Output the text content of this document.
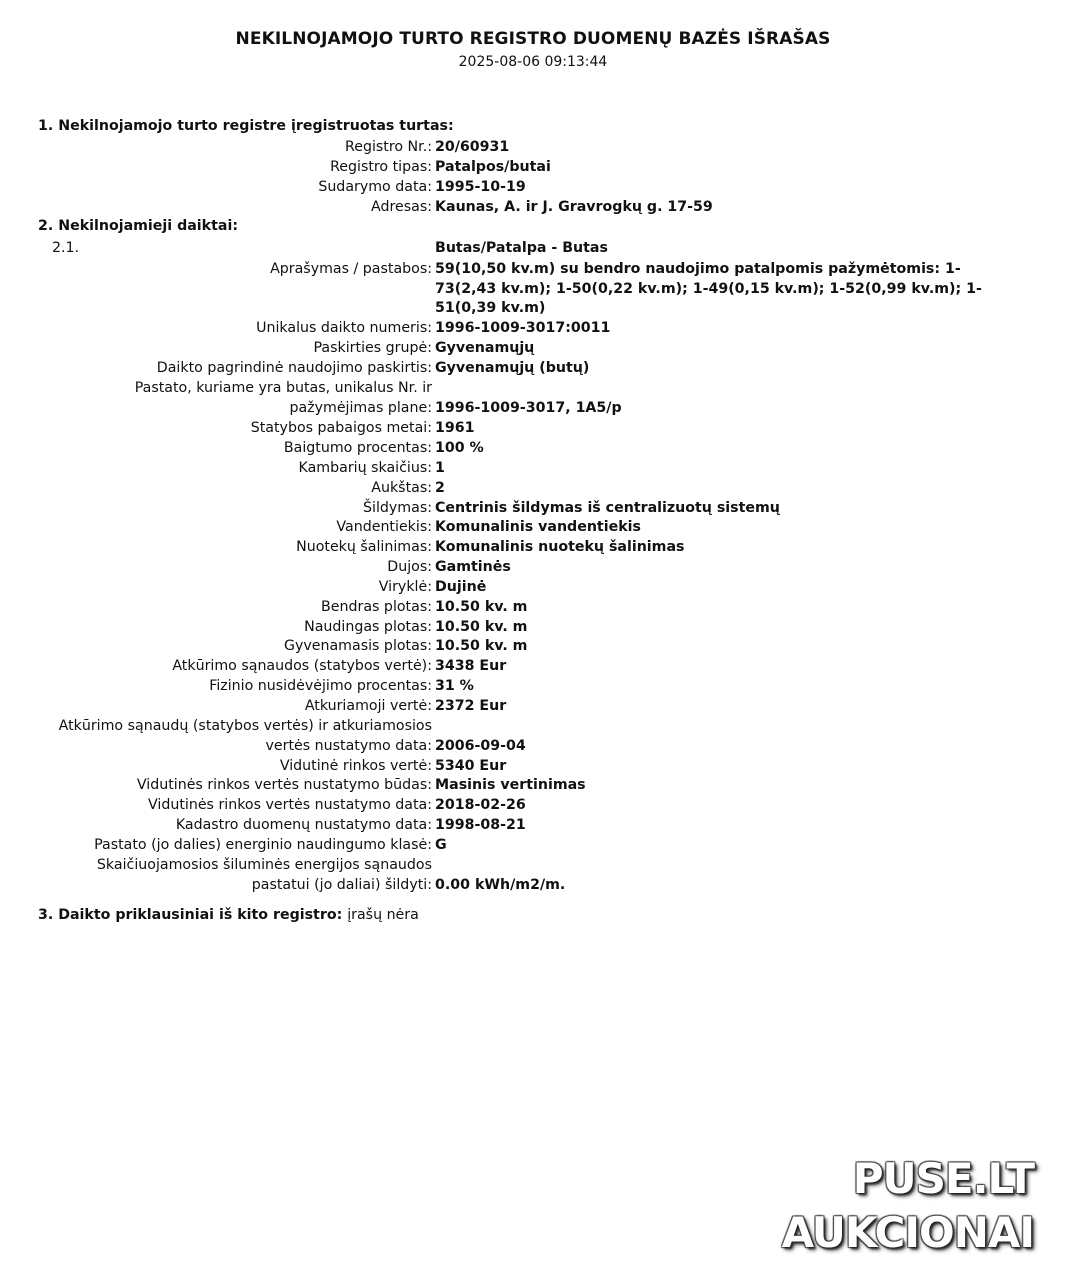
NEKILNOJAMOJO TURTO REGISTRO DUOMENŲ BAZĖS IŠRAŠAS
2025-08-06 09:13:44
1. Nekilnojamojo turto registre įregistruotas turtas:
Registro Nr.: 20/60931
Registro tipas: Patalpos/butai
Sudarymo data: 1995-10-19
Adresas: Kaunas, A. ir J. Gravrogkų g. 17-59
2. Nekilnojamieji daiktai:
2.1.	Butas/Patalpa - Butas
Aprašymas / pastabos: 59(10,50 kv.m) su bendro naudojimo patalpomis pažymėtomis: 1-
73(2,43 kv.m); 1-50(0,22 kv.m); 1-49(0,15 kv.m); 1-52(0,99 kv.m); 1-
51(0,39 kv.m)
Unikalus daikto numeris: 1996-1009-3017:0011
Paskirties grupė: Gyvenamųjų
Daikto pagrindinė naudojimo paskirtis: Gyvenamųjų (butų)
Pastato, kuriame yra butas, unikalus Nr. ir
pažymėjimas plane: 1996-1009-3017, 1A5/p
Statybos pabaigos metai: 1961
Baigtumo procentas: 100 %
Kambarių skaičius: 1
Aukštas: 2
Šildymas: Centrinis šildymas iš centralizuotų sistemų
Vandentiekis: Komunalinis vandentiekis
Nuotekų šalinimas: Komunalinis nuotekų šalinimas
Dujos: Gamtinės
Viryklė: Dujinė
Bendras plotas: 10.50 kv. m
Naudingas plotas: 10.50 kv. m
Gyvenamasis plotas: 10.50 kv. m
Atkūrimo sąnaudos (statybos vertė): 3438 Eur
Fizinio nusidėvėjimo procentas: 31 %
Atkuriamoji vertė: 2372 Eur
Atkūrimo sąnaudų (statybos vertės) ir atkuriamosios
vertės nustatymo data: 2006-09-04
Vidutinė rinkos vertė: 5340 Eur
Vidutinės rinkos vertės nustatymo būdas: Masinis vertinimas
Vidutinės rinkos vertės nustatymo data: 2018-02-26
Kadastro duomenų nustatymo data: 1998-08-21
Pastato (jo dalies) energinio naudingumo klasė: G
Skaičiuojamosios šiluminės energijos sąnaudos
pastatui (jo daliai) šildyti: 0.00 kWh/m2/m.
3. Daikto priklausiniai iš kito registro: įrašų nėra
PUSE.LT
AUKCIONAI
